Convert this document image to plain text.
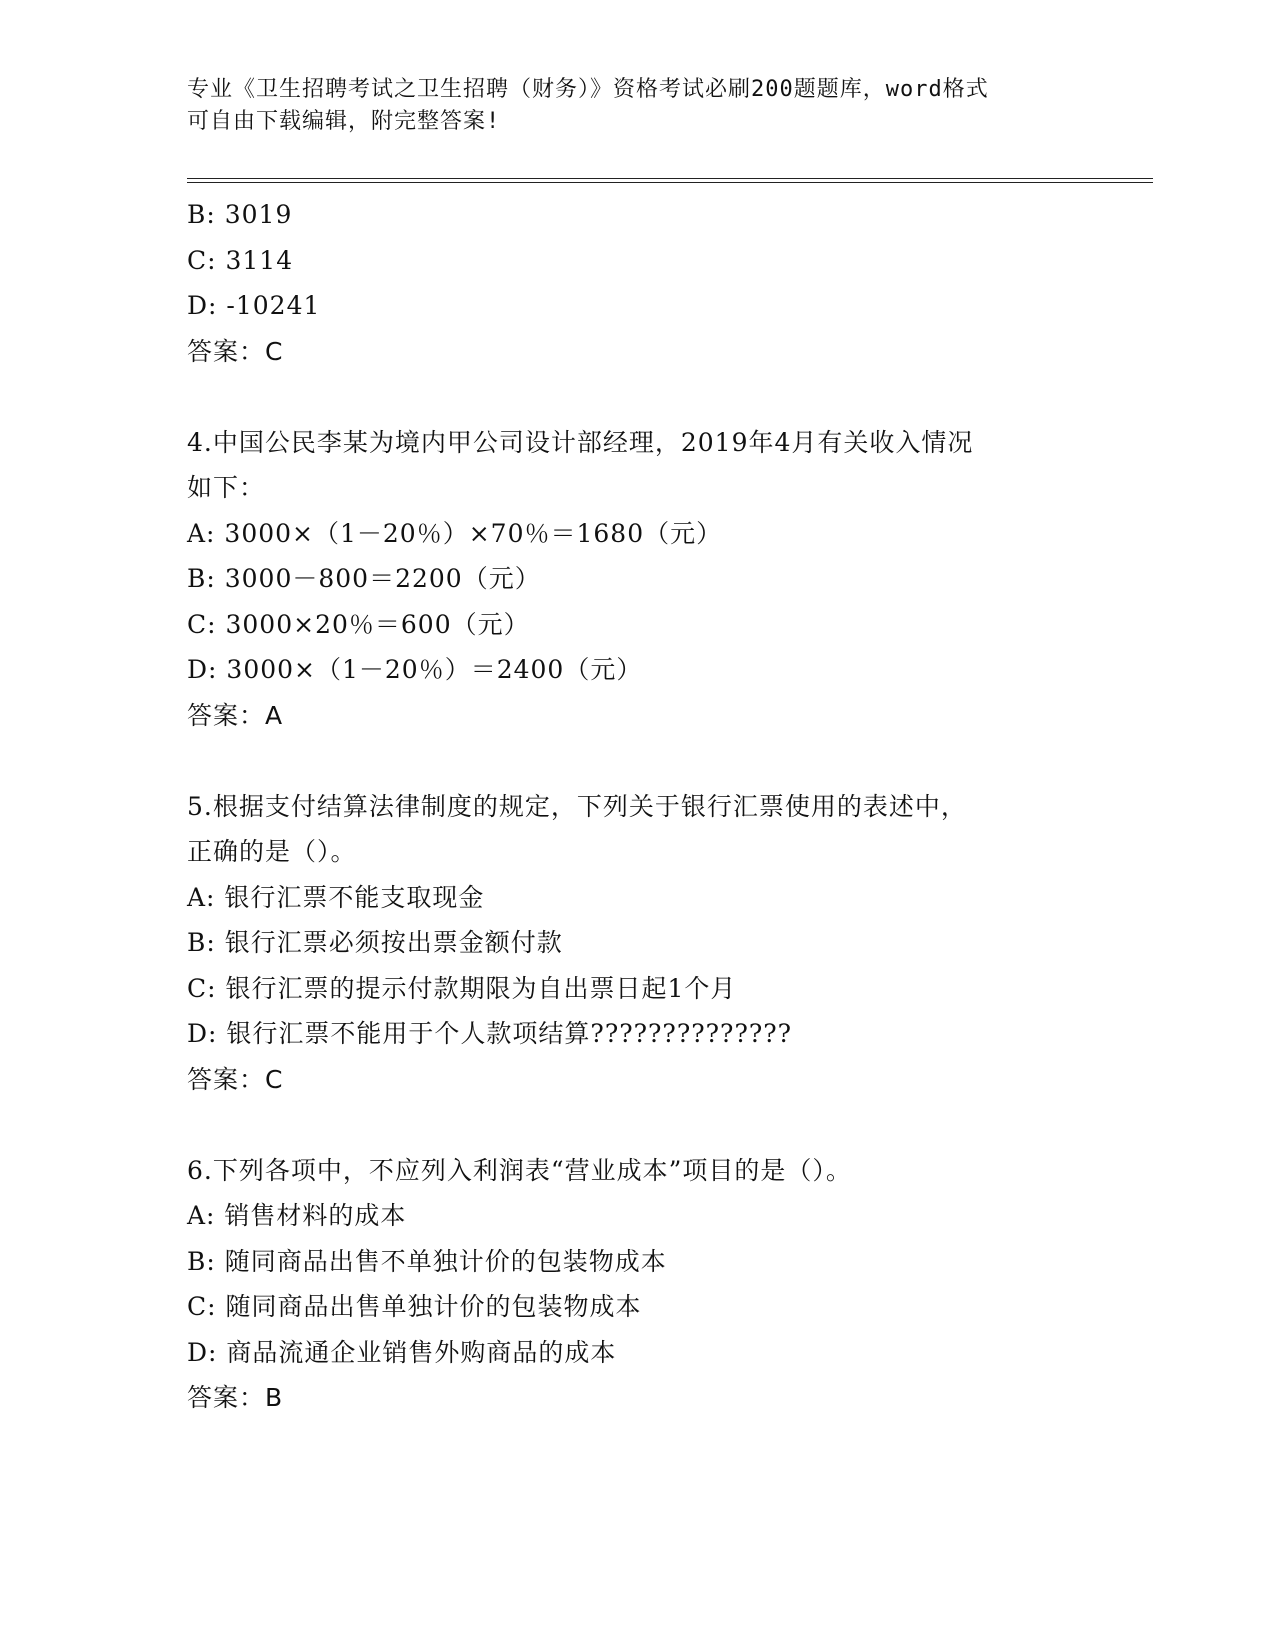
专业《卫生招聘考试之卫生招聘（财务）》资格考试必刷200题题库，word格式
可自由下载编辑，附完整答案!
B: 3019
C: 3114
D: -10241
答案：C
4.中国公民李某为境内甲公司设计部经理，2019年4月有关收入情况
如下：
A: 3000×（1－20％）×70％＝1680（元）
B: 3000－800＝2200（元）
C: 3000×20％＝600（元）
D: 3000×（1－20％）＝2400（元）
答案：A
5.根据支付结算法律制度的规定，下列关于银行汇票使用的表述中，
正确的是（）。
A: 银行汇票不能支取现金
B: 银行汇票必须按出票金额付款
C: 银行汇票的提示付款期限为自出票日起1个月
D: 银行汇票不能用于个人款项结算??????????????
答案：C
6.下列各项中，不应列入利润表“营业成本”项目的是（）。
A: 销售材料的成本
B: 随同商品出售不单独计价的包装物成本
C: 随同商品出售单独计价的包装物成本
D: 商品流通企业销售外购商品的成本
答案：B
